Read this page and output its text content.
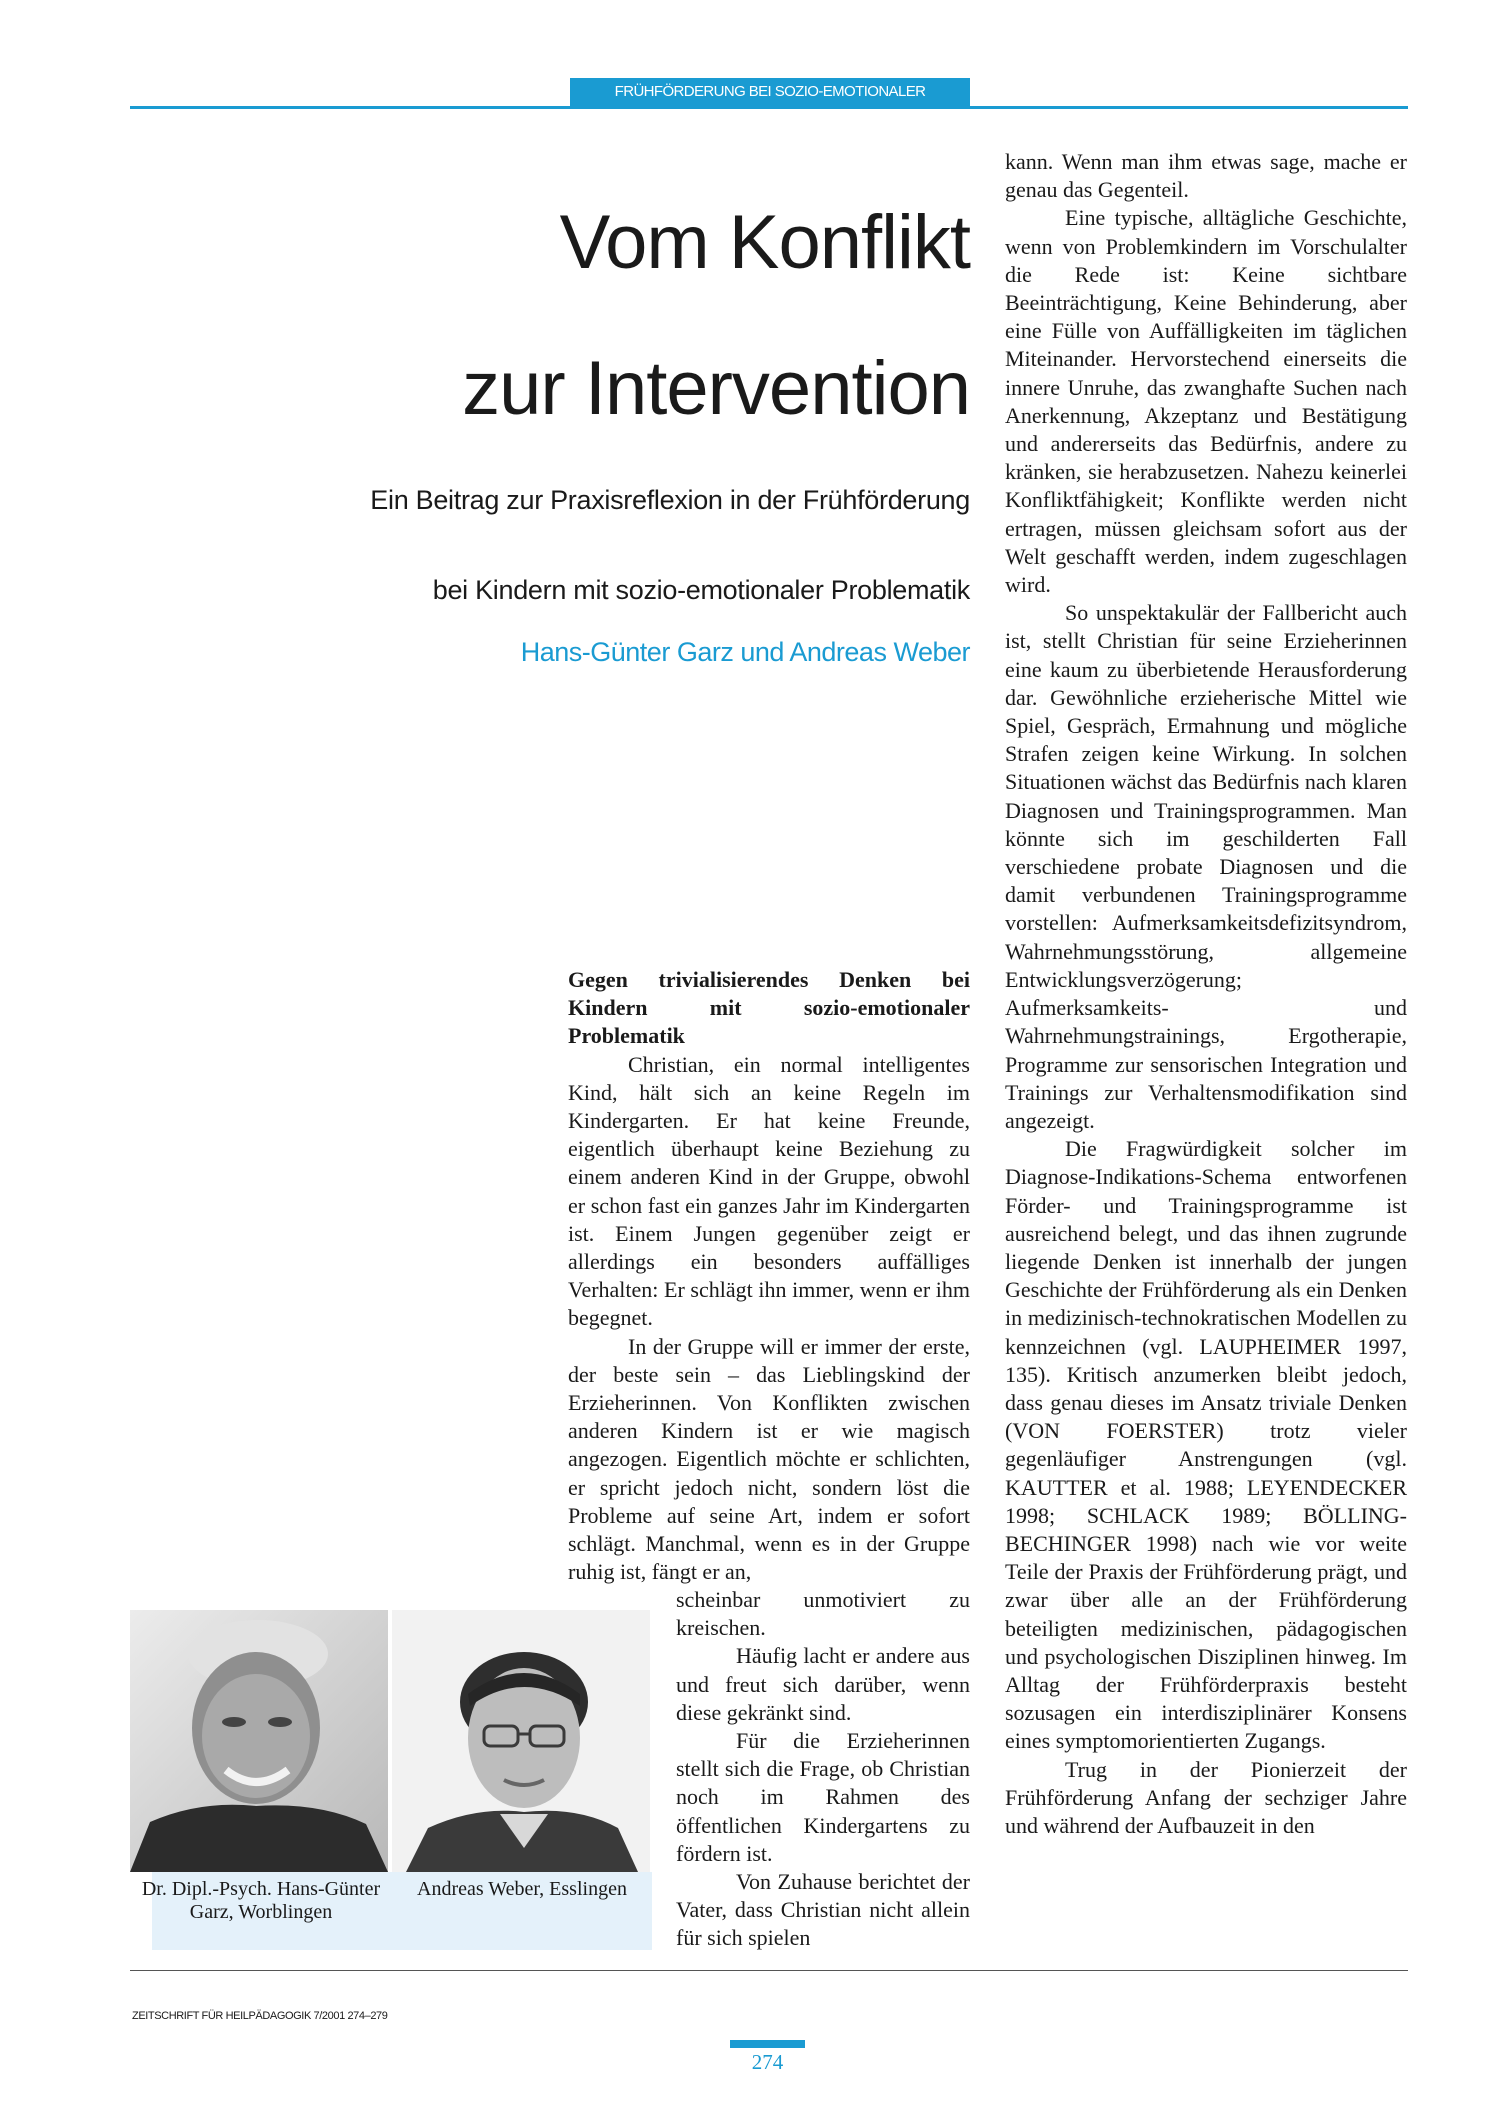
FRÜHFÖRDERUNG BEI SOZIO-EMOTIONALER PROBLEMATIK
Vom Konflikt
zur Intervention

Ein Beitrag zur Praxisreflexion in der Frühförderung
bei Kindern mit sozio-emotionaler Problematik

Hans-Günter Garz und Andreas Weber

Gegen trivialisierendes Denken bei Kindern mit sozio-emotionaler Problematik

Christian, ein normal intelligentes Kind, hält sich an keine Regeln im Kindergarten. Er hat keine Freunde, eigentlich überhaupt keine Beziehung zu einem anderen Kind in der Gruppe, obwohl er schon fast ein ganzes Jahr im Kindergarten ist. Einem Jungen gegenüber zeigt er allerdings ein besonders auffälliges Verhalten: Er schlägt ihn immer, wenn er ihm begegnet.

In der Gruppe will er immer der erste, der beste sein – das Lieblingskind der Erzieherinnen. Von Konflikten zwischen anderen Kindern ist er wie magisch angezogen. Eigentlich möchte er schlichten, er spricht jedoch nicht, sondern löst die Probleme auf seine Art, indem er sofort schlägt. Manchmal, wenn es in der Gruppe ruhig ist, fängt er an,

scheinbar unmotiviert zu kreischen.

Häufig lacht er andere aus und freut sich darüber, wenn diese gekränkt sind.

Für die Erzieherinnen stellt sich die Frage, ob Christian noch im Rahmen des öffentlichen Kindergartens zu fördern ist.

Von Zuhause berichtet der Vater, dass Christian nicht allein für sich spielen

kann. Wenn man ihm etwas sage, mache er genau das Gegenteil.

Eine typische, alltägliche Geschichte, wenn von Problemkindern im Vorschulalter die Rede ist: Keine sichtbare Beeinträchtigung, Keine Behinderung, aber eine Fülle von Auffälligkeiten im täglichen Miteinander. Hervorstechend einerseits die innere Unruhe, das zwanghafte Suchen nach Anerkennung, Akzeptanz und Bestätigung und andererseits das Bedürfnis, andere zu kränken, sie herabzusetzen. Nahezu keinerlei Konfliktfähigkeit; Konflikte werden nicht ertragen, müssen gleichsam sofort aus der Welt geschafft werden, indem zugeschlagen wird.

So unspektakulär der Fallbericht auch ist, stellt Christian für seine Erzieherinnen eine kaum zu überbietende Herausforderung dar. Gewöhnliche erzieherische Mittel wie Spiel, Gespräch, Ermahnung und mögliche Strafen zeigen keine Wirkung. In solchen Situationen wächst das Bedürfnis nach klaren Diagnosen und Trainingsprogrammen. Man könnte sich im geschilderten Fall verschiedene probate Diagnosen und die damit verbundenen Trainingsprogramme vorstellen: Aufmerksamkeitsdefizitsyndrom, Wahrnehmungsstörung, allgemeine Entwicklungsverzögerung; Aufmerksamkeits- und Wahrnehmungstrainings, Ergotherapie, Programme zur sensorischen Integration und Trainings zur Verhaltensmodifikation sind angezeigt.

Die Fragwürdigkeit solcher im Diagnose-Indikations-Schema entworfenen Förder- und Trainingsprogramme ist ausreichend belegt, und das ihnen zugrunde liegende Denken ist innerhalb der jungen Geschichte der Frühförderung als ein Denken in medizinisch-technokratischen Modellen zu kennzeichnen (vgl. LAUPHEIMER 1997, 135). Kritisch anzumerken bleibt jedoch, dass genau dieses im Ansatz triviale Denken (VON FOERSTER) trotz vieler gegenläufiger Anstrengungen (vgl. KAUTTER et al. 1988; LEYENDECKER 1998; SCHLACK 1989; BÖLLING-BECHINGER 1998) nach wie vor weite Teile der Praxis der Frühförderung prägt, und zwar über alle an der Frühförderung beteiligten medizinischen, pädagogischen und psychologischen Disziplinen hinweg. Im Alltag der Frühförderpraxis besteht sozusagen ein interdisziplinärer Konsens eines symptomorientierten Zugangs.

Trug in der Pionierzeit der Frühförderung Anfang der sechziger Jahre und während der Aufbauzeit in den

Dr. Dipl.-Psych. Hans-Günter Garz, Worblingen
Andreas Weber, Esslingen
ZEITSCHRIFT FÜR HEILPÄDAGOGIK 7/2001 274–279
274
